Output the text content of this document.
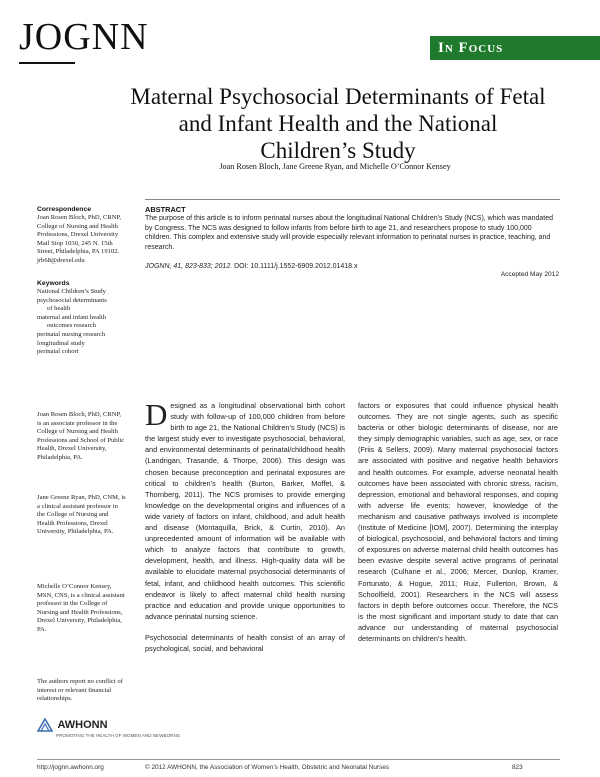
JOGNN	In Focus
Maternal Psychosocial Determinants of Fetal and Infant Health and the National Children’s Study
Joan Rosen Bloch, Jane Greene Ryan, and Michelle O’Connor Kensey
Correspondence
Joan Rosen Bloch, PhD, CRNP, College of Nursing and Health Professions, Drexel University Mail Stop 1030, 245 N. 15th Street, Philadelphia, PA 19102. jrb68@drexel.edu
Keywords
National Children’s Study
psychosocial determinants
of health
maternal and infant health
outcomes research
perinatal nursing research
longitudinal study
perinatal cohort
ABSTRACT
The purpose of this article is to inform perinatal nurses about the longitudinal National Children’s Study (NCS), which was mandated by Congress. The NCS was designed to follow infants from before birth to age 21, and researchers propose to study 100,000 children. This complex and extensive study will provide especially relevant information to perinatal nurses in practice, teaching, and research.
JOGNN, 41, 823-833; 2012. DOI: 10.1111/j.1552-6909.2012.01418.x
Accepted May 2012
Joan Rosen Bloch, PhD, CRNP, is an associate professor in the College of Nursing and Health Professions and School of Public Health, Drexel University, Philadelphia, PA.
Jane Greene Ryan, PhD, CNM, is a clinical assistant professor in the College of Nursing and Health Professions, Drexel University, Philadelphia, PA.
Michelle O’Connor Kensey, MSN, CNS, is a clinical assistant professor in the College of Nursing and Health Professions, Drexel University, Philadelphia, PA.
The authors report no conflict of interest or relevant financial relationships.
AWHONN
PROMOTING THE HEALTH OF WOMEN AND NEWBORNS

Designed as a longitudinal observational birth cohort study with follow-up of 100,000 children from before birth to age 21, the National Children’s Study (NCS) is the largest study ever to investigate psychosocial, behavioral, and environmental determinants of perinatal/childhood health (Landrigan, Trasande, & Thorpe, 2006). This design was chosen because preconception and perinatal exposures are critical to children’s health (Burton, Barker, Moffet, & Thornberg, 2011). The NCS promises to provide emerging knowledge on the developmental origins and influences of a wide variety of factors on infant, childhood, and adult health and disease (Montaquilla, Brick, & Curtin, 2010). An unprecedented amount of information will be available with which to analyze factors that contribute to growth, development, health, and illness. High-quality data will be available to elucidate maternal psychosocial determinants of fetal, infant, and childhood health outcomes. This scientific endeavor is likely to affect maternal child health nursing practice and education and provide unique opportunities to advance perinatal nursing science.

Psychosocial determinants of health consist of an array of psychological, social, and behavioral

factors or exposures that could influence physical health outcomes. They are not single agents, such as specific bacteria or other biologic determinants of disease, nor are they simply demographic variables, such as age, sex, or race (Friis & Sellers, 2009). Many maternal psychosocial factors are associated with positive and negative health behaviors and health outcomes. For example, adverse neonatal health outcomes have been associated with chronic stress, racism, depression, emotional and behavioral responses, and coping with adverse life events; however, knowledge of the mechanism and causative pathways involved is incomplete (Institute of Medicine [IOM], 2007). Determining the interplay of biological, psychosocial, and behavioral factors and timing of exposures on adverse maternal child health outcomes has been evasive despite several active programs of perinatal research (Culhane et al., 2006; Mercer, Dunlop, Kramer, Fortunato, & Hogue, 2011; Ruiz, Fullerton, Brown, & Schoolfield, 2001). Researchers in the NCS will assess factors in depth before outcomes occur. Therefore, the NCS is the most significant and important study to date that can advance our understanding of maternal psychosocial determinants on children’s health.

http://jognn.awhonn.org	© 2012 AWHONN, the Association of Women’s Health, Obstetric and Neonatal Nurses	823
